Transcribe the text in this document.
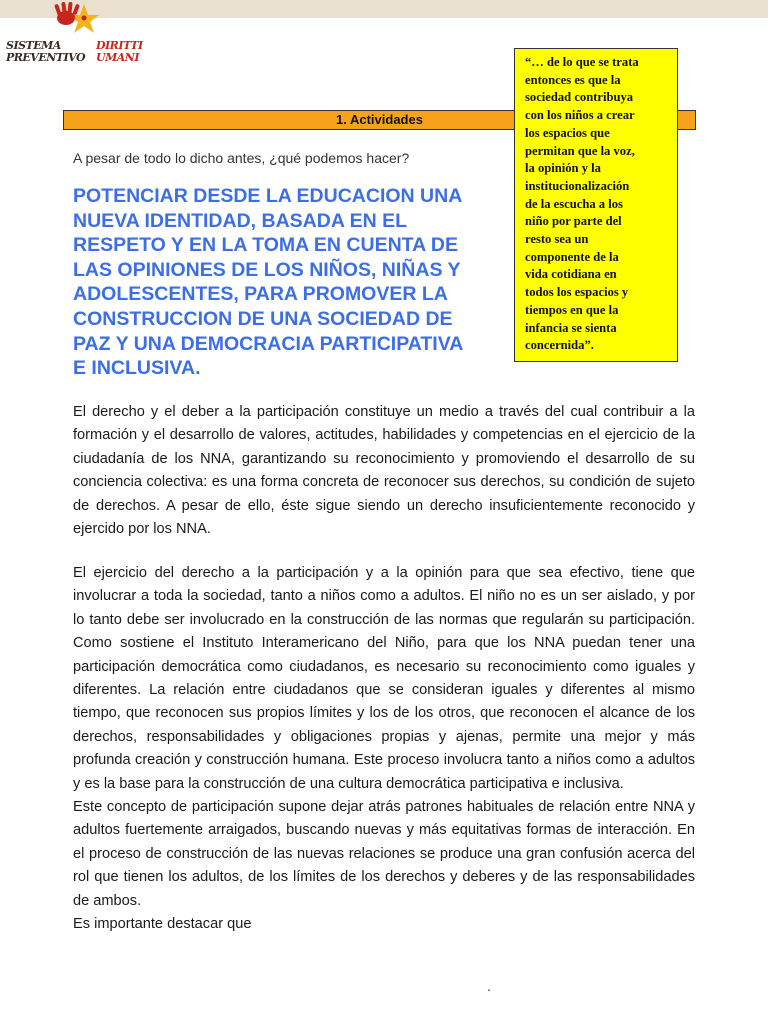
SISTEMA
PREVENTIVO
DIRITTI
UMANI
1. Actividades
“… de lo que se trata
entonces es que la
sociedad contribuya
con los niños a crear
los espacios que
permitan que la voz,
la opinión y la
institucionalización
de la escucha a los
niño por parte del
resto sea un
componente de la
vida cotidiana en
todos los espacios y
tiempos en que la
infancia se sienta
concernida”.
A pesar de todo lo dicho antes, ¿qué podemos hacer?
POTENCIAR DESDE LA EDUCACION UNA
NUEVA IDENTIDAD, BASADA EN EL
RESPETO Y EN LA TOMA EN CUENTA DE
LAS OPINIONES DE LOS NIÑOS, NIÑAS Y
ADOLESCENTES, PARA PROMOVER LA
CONSTRUCCION DE UNA SOCIEDAD DE
PAZ Y UNA DEMOCRACIA PARTICIPATIVA
E INCLUSIVA.

El derecho y el deber a la participación constituye un medio a través del cual contribuir a la formación y el desarrollo de valores, actitudes, habilidades y competencias en el ejercicio de la ciudadanía de los NNA, garantizando su reconocimiento y promoviendo el desarrollo de su conciencia colectiva: es una forma concreta de reconocer sus derechos, su condición de sujeto de derechos. A pesar de ello, éste sigue siendo un derecho insuficientemente reconocido y ejercido por los NNA.

El ejercicio del derecho a la participación y a la opinión para que sea efectivo, tiene que involucrar a toda la sociedad, tanto a niños como a adultos. El niño no es un ser aislado, y por lo tanto debe ser involucrado en la construcción de las normas que regularán su participación. Como sostiene el Instituto Interamericano del Niño, para que los NNA puedan tener una participación democrática como ciudadanos, es necesario su reconocimiento como iguales y diferentes. La relación entre ciudadanos que se consideran iguales y diferentes al mismo tiempo, que reconocen sus propios límites y los de los otros, que reconocen el alcance de los derechos, responsabilidades y obligaciones propias y ajenas, permite una mejor y más profunda creación y construcción humana. Este proceso involucra tanto a niños como a adultos y es la base para la construcción de una cultura democrática participativa e inclusiva.

Este concepto de participación supone dejar atrás patrones habituales de relación entre NNA y adultos fuertemente arraigados, buscando nuevas y más equitativas formas de interacción. En el proceso de construcción de las nuevas relaciones se produce una gran confusión acerca del rol que tienen los adultos, de los límites de los derechos y deberes y de las responsabilidades de ambos.

Es importante destacar que

.
